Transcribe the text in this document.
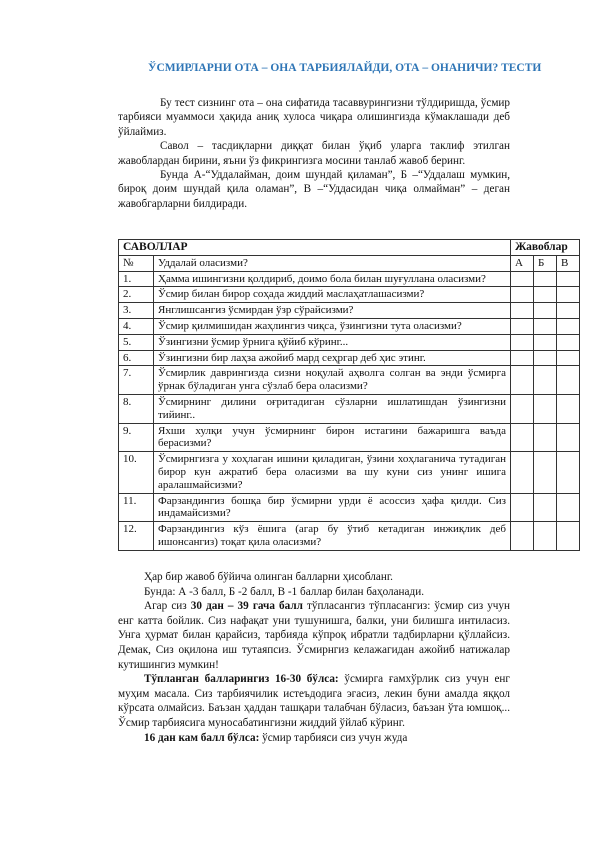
ЎСМИРЛАРНИ ОТА – ОНА ТАРБИЯЛАЙДИ, ОТА – ОНАНИЧИ? ТЕСТИ

Бу тест сизнинг ота – она сифатида тасаввурингизни тўлдиришда, ўсмир тарбияси муаммоси ҳақида аниқ хулоса чиқара олишингизда кўмаклашади деб ўйлаймиз.

Савол – тасдиқларни диққат билан ўқиб уларга таклиф этилган жавоблардан бирини, яъни ўз фикрингизга мосини танлаб жавоб беринг.

Бунда А-“Уддалайман, доим шундай қиламан”, Б –“Уддалаш мумкин, бироқ доим шундай қила оламан”, В –“Уддасидан чиқа олмайман” – деган жавобгарларни билдиради.

САВОЛЛАР		Жавоблар		
№	Уддалай оласизми?	А	Б	В
1.	Ҳамма ишингизни қолдириб, доимо бола билан шуғуллана оласизми?			
2.	Ўсмир билан бирор соҳада жиддий маслаҳатлашасизми?			
3.	Янглишсангиз ўсмирдан ўзр сўрайсизми?			
4.	Ўсмир қилмишидан жаҳлингиз чиқса, ўзингизни тута оласизми?			
5.	Ўзингизни ўсмир ўрнига қўйиб кўринг...			
6.	Ўзингизни бир лаҳза ажойиб мард сеҳргар деб ҳис этинг.			
7.	Ўсмирлик даврингизда сизни ноқулай аҳволга солган ва энди ўсмирга ўрнак бўладиган унга сўзлаб бера оласизми?			
8.	Ўсмирнинг дилини оғритадиган сўзларни ишлатишдан ўзингизни тийинг..			
9.	Яхши хулқи учун ўсмирнинг бирон истагини бажаришга ваъда берасизми?			
10.	Ўсмирнгизга у хоҳлаган ишини қиладиган, ўзини хоҳлаганича тутадиган бирор кун ажратиб бера оласизми ва шу куни сиз унинг ишига аралашмайсизми?			
11.	Фарзандингиз бошқа бир ўсмирни урди ё асоссиз ҳафа қилди. Сиз индамайсизми?			
12.	Фарзандингиз кўз ёшига (агар бу ўтиб кетадиган инжиқлик деб ишонсангиз) тоқат қила оласизми?			

Ҳар бир жавоб бўйича олинган балларни ҳисобланг.

Бунда: А -3 балл, Б -2 балл, В -1 баллар билан баҳоланади.

Агар сиз 30 дан – 39 гача балл тўпласангиз тўпласангиз: ўсмир сиз учун енг катта бойлик. Сиз нафақат уни тушунишга, балки, уни билишга интиласиз. Унга ҳурмат билан қарайсиз, тарбияда кўпроқ ибратли тадбирларни қўллайсиз. Демак, Сиз оқилона иш тутаяпсиз. Ўсмирнгиз келажагидан ажойиб натижалар кутишингиз мумкин!

Тўпланган балларингиз 16-30 бўлса: ўсмирга ғамхўрлик сиз учун енг муҳим масала. Сиз тарбиячилик истеъдодига эгасиз, лекин буни амалда яққол кўрсата олмайсиз. Баъзан ҳаддан ташқари талабчан бўласиз, баъзан ўта юмшоқ... Ўсмир тарбиясига муносабатингизни жиддий ўйлаб кўринг.

16 дан кам балл бўлса: ўсмир тарбияси сиз учун жуда
